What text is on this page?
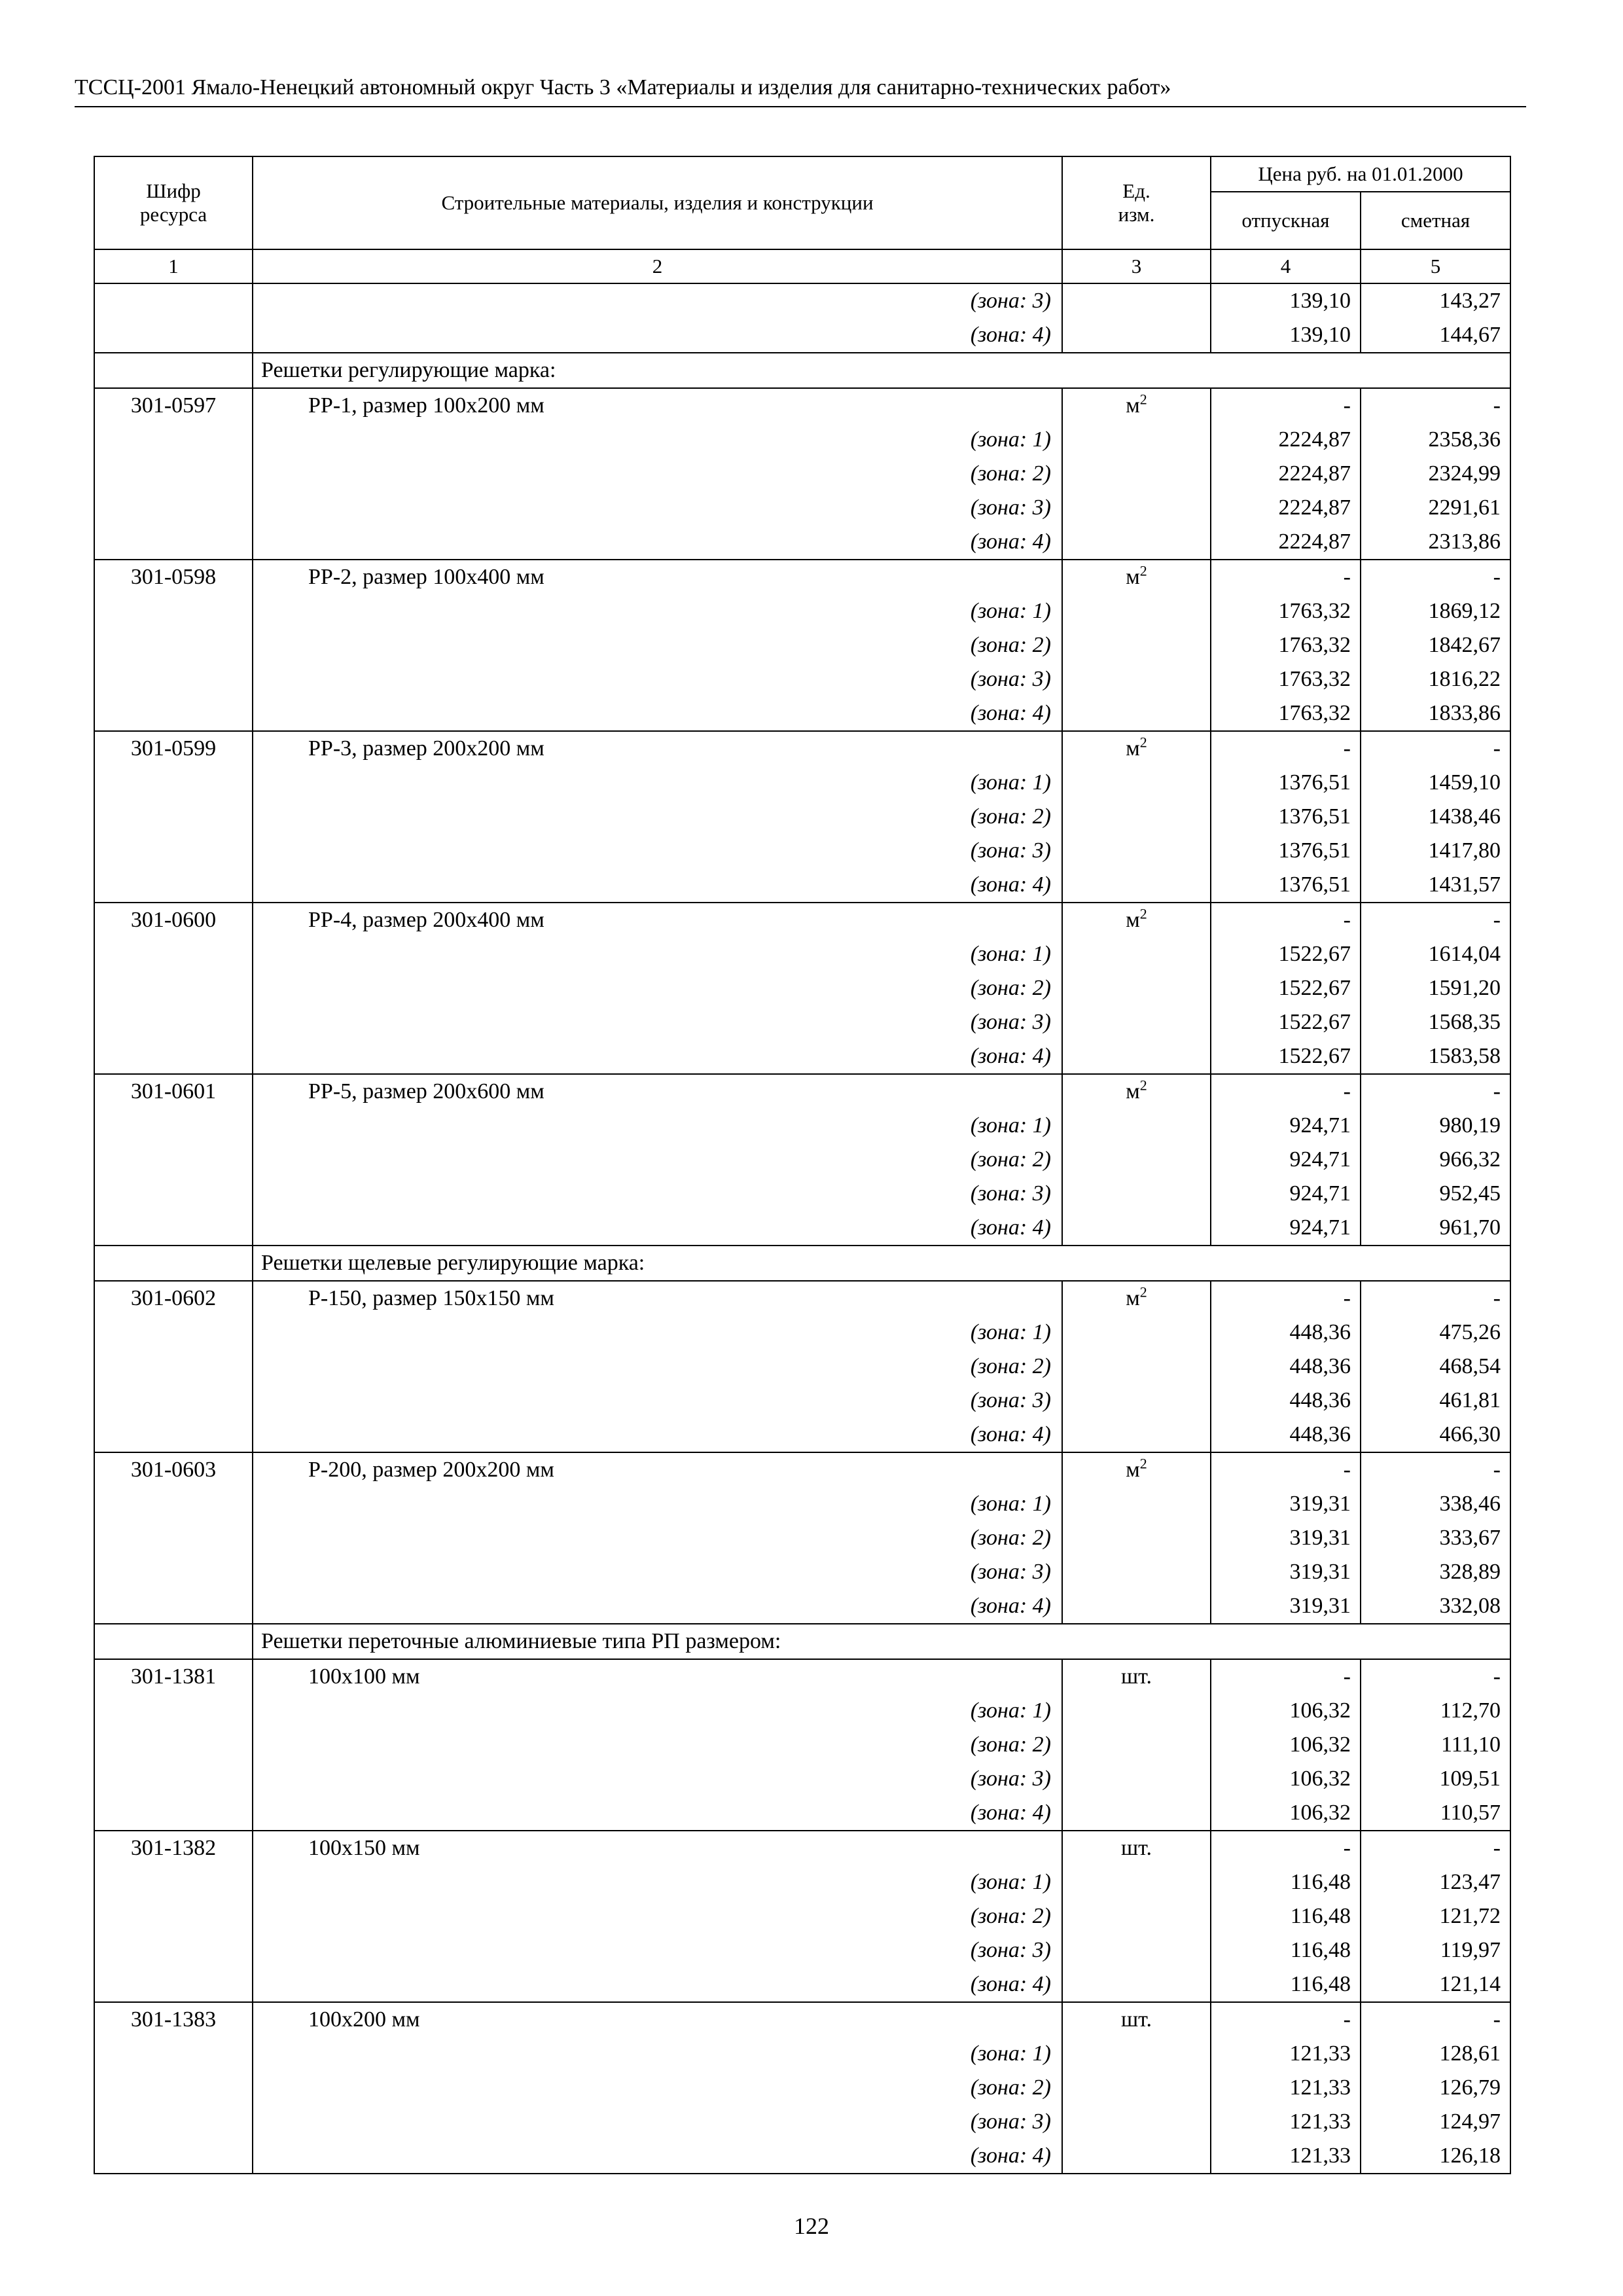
ТССЦ-2001 Ямало-Ненецкий автономный округ Часть 3 «Материалы и изделия для санитарно-технических работ»
Шифр ресурса	Строительные материалы, изделия и конструкции	Ед. изм.	Цена руб. на 01.01.2000	
			отпускная	сметная
1	2	3	4	5
	(зона: 3)		139,10	143,27
	(зона: 4)		139,10	144,67
	Решетки регулирующие марка:			
301-0597	РР-1, размер 100х200 мм	$м^2$	-	-
	(зона: 1)		2224,87	2358,36
	(зона: 2)		2224,87	2324,99
	(зона: 3)		2224,87	2291,61
	(зона: 4)		2224,87	2313,86
301-0598	РР-2, размер 100х400 мм	$м^2$	-	-
	(зона: 1)		1763,32	1869,12
	(зона: 2)		1763,32	1842,67
	(зона: 3)		1763,32	1816,22
	(зона: 4)		1763,32	1833,86
301-0599	РР-3, размер 200х200 мм	$м^2$	-	-
	(зона: 1)		1376,51	1459,10
	(зона: 2)		1376,51	1438,46
	(зона: 3)		1376,51	1417,80
	(зона: 4)		1376,51	1431,57
301-0600	РР-4, размер 200х400 мм	$м^2$	-	-
	(зона: 1)		1522,67	1614,04
	(зона: 2)		1522,67	1591,20
	(зона: 3)		1522,67	1568,35
	(зона: 4)		1522,67	1583,58
301-0601	РР-5, размер 200х600 мм	$м^2$	-	-
	(зона: 1)		924,71	980,19
	(зона: 2)		924,71	966,32
	(зона: 3)		924,71	952,45
	(зона: 4)		924,71	961,70
	Решетки щелевые регулирующие марка:			
301-0602	Р-150, размер 150х150 мм	$м^2$	-	-
	(зона: 1)		448,36	475,26
	(зона: 2)		448,36	468,54
	(зона: 3)		448,36	461,81
	(зона: 4)		448,36	466,30
301-0603	Р-200, размер 200х200 мм	$м^2$	-	-
	(зона: 1)		319,31	338,46
	(зона: 2)		319,31	333,67
	(зона: 3)		319,31	328,89
	(зона: 4)		319,31	332,08
	Решетки переточные алюминиевые типа РП размером:			
301-1381	100х100 мм	шт.	-	-
	(зона: 1)		106,32	112,70
	(зона: 2)		106,32	111,10
	(зона: 3)		106,32	109,51
	(зона: 4)		106,32	110,57
301-1382	100х150 мм	шт.	-	-
	(зона: 1)		116,48	123,47
	(зона: 2)		116,48	121,72
	(зона: 3)		116,48	119,97
	(зона: 4)		116,48	121,14
301-1383	100х200 мм	шт.	-	-
	(зона: 1)		121,33	128,61
	(зона: 2)		121,33	126,79
	(зона: 3)		121,33	124,97
	(зона: 4)		121,33	126,18
122
